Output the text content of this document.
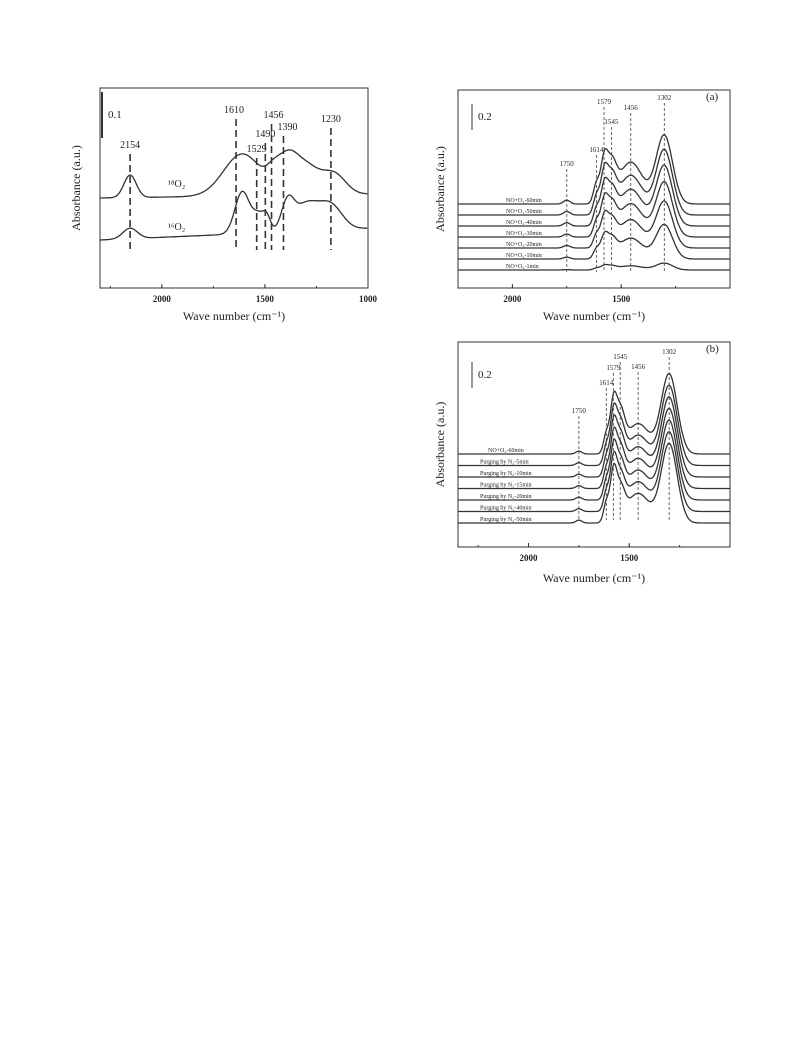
2000	1500	1000
Wave number (cm⁻¹)
Absorbance (a.u.)
0.1
2154
1610
1529
1490
1456
1390
1230
¹⁸O₂
¹⁶O₂
2000	1500
Wave number (cm⁻¹)
Absorbance (a.u.)
0.2
(a)
NO+O₂-60min
NO+O₂-50min
NO+O₂-40min
NO+O₂-30min
NO+O₂-20min
NO+O₂-10min
NO+O₂-1min
1750
1614
1579
1545
1456
1302
2000	1500
Wave number (cm⁻¹)
Absorbance (a.u.)
0.2
(b)
NO+O₂-60min
Purging by N₂-5min
Purging by N₂-10min
Purging by N₂-15min
Purging by N₂-20min
Purging by N₂-40min
Purging by N₂-50min
1750
1614
1579
1545
1456
1302
